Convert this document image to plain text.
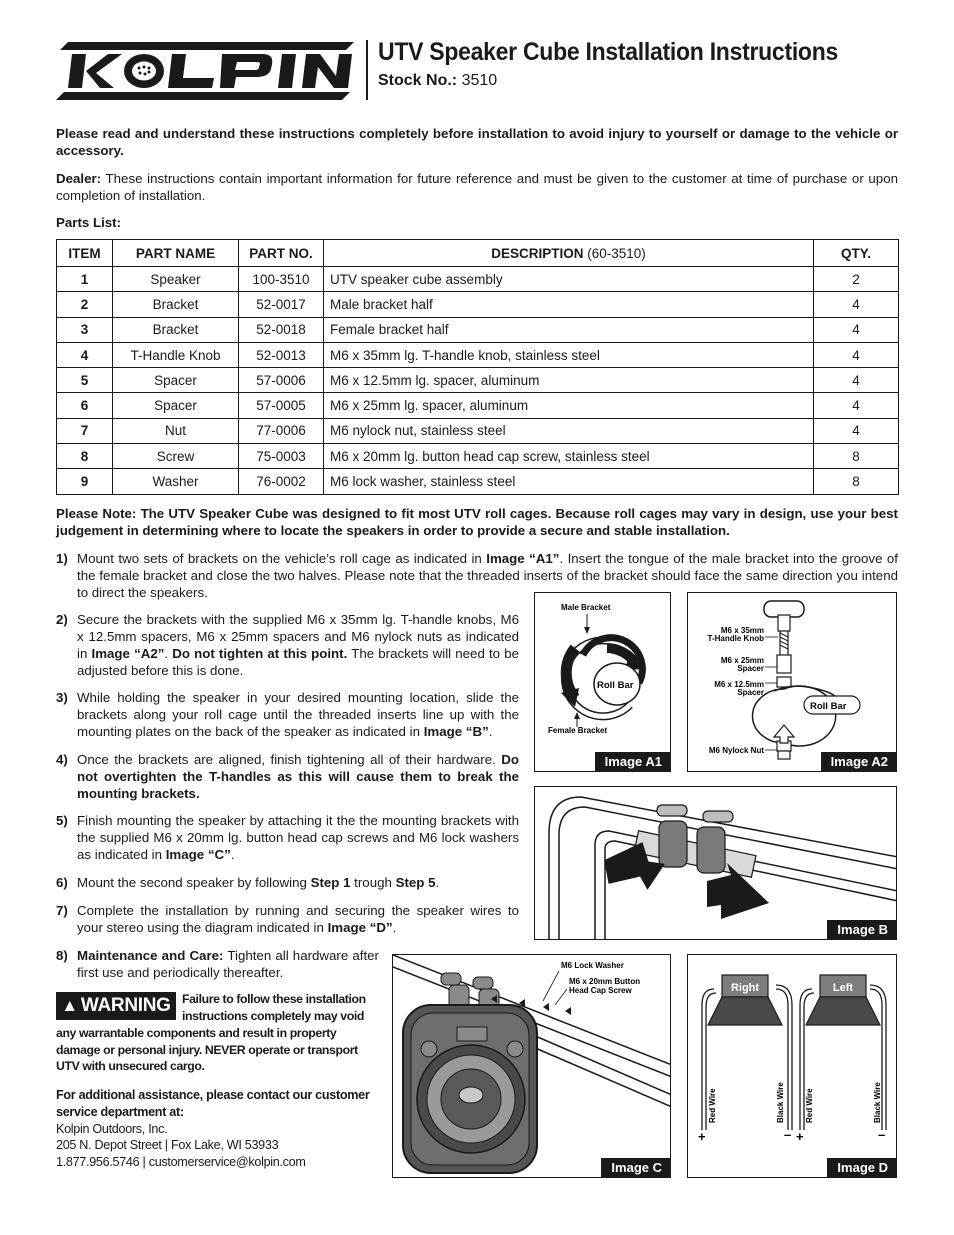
UTV Speaker Cube Installation Instructions
Stock No.: 3510
Please read and understand these instructions completely before installation to avoid injury to yourself or damage to the vehicle or accessory.
Dealer: These instructions contain important information for future reference and must be given to the customer at time of purchase or upon completion of installation.
Parts List:
ITEM	PART NAME	PART NO.	DESCRIPTION (60-3510)	QTY.
1	Speaker	100-3510	UTV speaker cube assembly	2
2	Bracket	52-0017	Male bracket half	4
3	Bracket	52-0018	Female bracket half	4
4	T-Handle Knob	52-0013	M6 x 35mm lg. T-handle knob, stainless steel	4
5	Spacer	57-0006	M6 x 12.5mm lg. spacer, aluminum	4
6	Spacer	57-0005	M6 x 25mm lg. spacer, aluminum	4
7	Nut	77-0006	M6 nylock nut, stainless steel	4
8	Screw	75-0003	M6 x 20mm lg. button head cap screw, stainless steel	8
9	Washer	76-0002	M6 lock washer, stainless steel	8
Please Note: The UTV Speaker Cube was designed to fit most UTV roll cages. Because roll cages may vary in design, use your best judgement in determining where to locate the speakers in order to provide a secure and stable installation.
1) Mount two sets of brackets on the vehicle’s roll cage as indicated in Image “A1”. Insert the tongue of the male bracket into the groove of the female bracket and close the two halves. Please note that the threaded inserts of the bracket should face the same direction you intend to direct the speakers.
2) Secure the brackets with the supplied M6 x 35mm lg. T-handle knobs, M6 x 12.5mm spacers, M6 x 25mm spacers and M6 nylock nuts as indicated in Image “A2”. Do not tighten at this point. The brackets will need to be adjusted before this is done.
3) While holding the speaker in your desired mounting location, slide the brackets along your roll cage until the threaded inserts line up with the mounting plates on the back of the speaker as indicated in Image “B”.
4) Once the brackets are aligned, finish tightening all of their hardware. Do not overtighten the T-handles as this will cause them to break the mounting brackets.
5) Finish mounting the speaker by attaching it the the mounting brackets with the supplied M6 x 20mm lg. button head cap screws and M6 lock washers as indicated in Image “C”.
6) Mount the second speaker by following Step 1 trough Step 5.
7) Complete the installation by running and securing the speaker wires to your stereo using the diagram indicated in Image “D”.
8) Maintenance and Care: Tighten all hardware after first use and periodically thereafter.
▲ WARNING Failure to follow these installation instructions completely may void
any warrantable components and result in property damage or personal injury. NEVER operate or transport UTV with unsecured cargo.
For additional assistance, please contact our customer service department at:
Kolpin Outdoors, Inc.
205 N. Depot Street | Fox Lake, WI 53933
1.877.956.5746 | customerservice@kolpin.com
Male Bracket
Roll Bar
Female Bracket
Image A1
Roll Bar
M6 x 35mm
T-Handle Knob
M6 x 25mm
Spacer
M6 x 12.5mm
Spacer
M6 Nylock Nut
Image A2
Image B
M6 Lock Washer
M6 x 20mm Button
Head Cap Screw
Image C
Right	Left
Red Wire	Black Wire	Red Wire	Black Wire
+	– +	–
Image D
